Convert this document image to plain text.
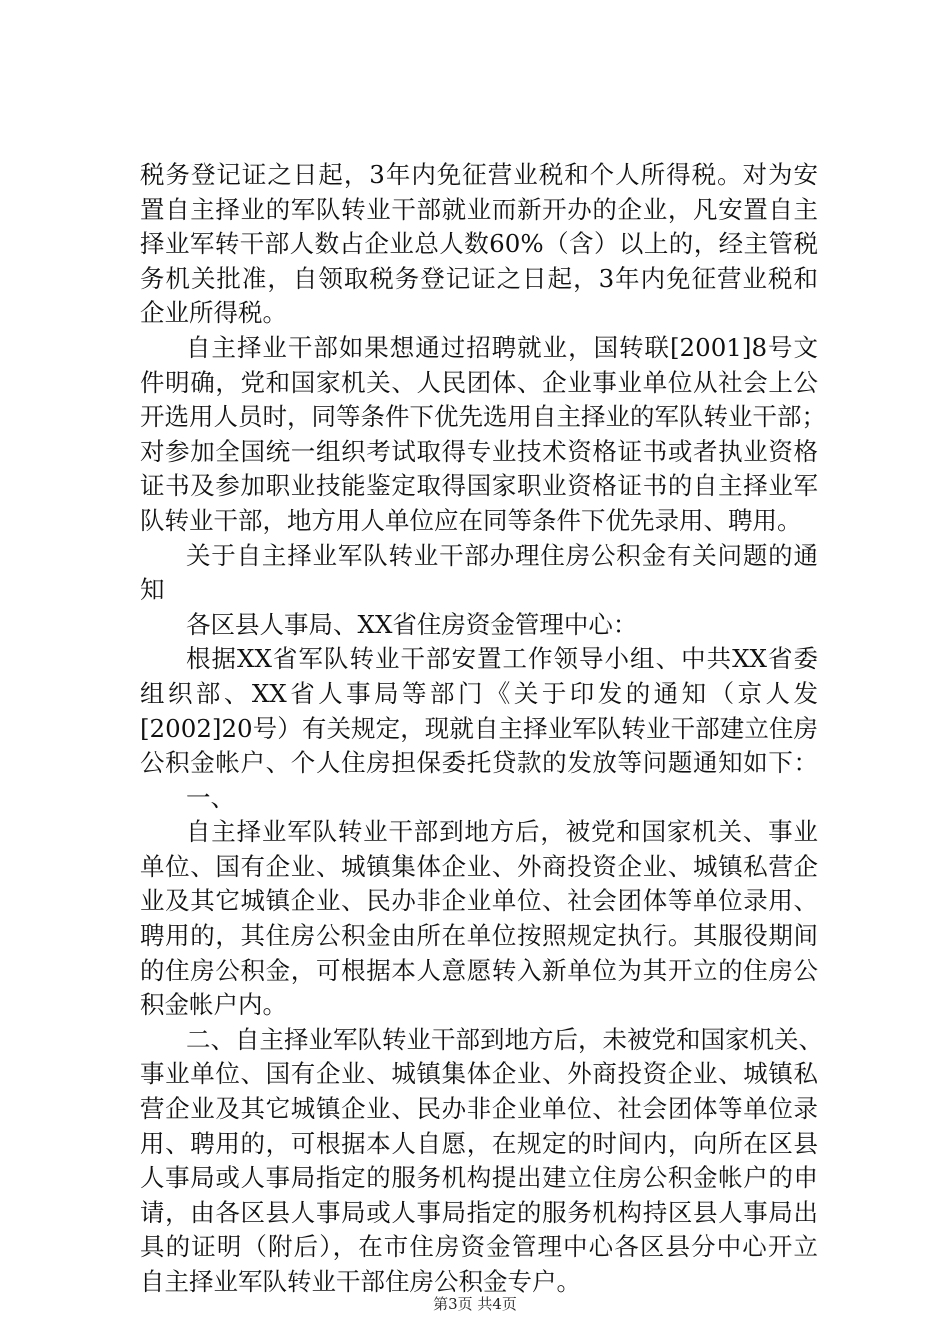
税务登记证之日起，3年内免征营业税和个人所得税。对为安
置自主择业的军队转业干部就业而新开办的企业，凡安置自主
择业军转干部人数占企业总人数60%（含）以上的，经主管税
务机关批准，自领取税务登记证之日起，3年内免征营业税和
企业所得税。
自主择业干部如果想通过招聘就业，国转联[2001]8号文
件明确，党和国家机关、人民团体、企业事业单位从社会上公
开选用人员时，同等条件下优先选用自主择业的军队转业干部；
对参加全国统一组织考试取得专业技术资格证书或者执业资格
证书及参加职业技能鉴定取得国家职业资格证书的自主择业军
队转业干部，地方用人单位应在同等条件下优先录用、聘用。
关于自主择业军队转业干部办理住房公积金有关问题的通
知
各区县人事局、XX省住房资金管理中心：
根据XX省军队转业干部安置工作领导小组、中共XX省委
组织部、XX省人事局等部门《关于印发的通知（京人发
[2002]20号）有关规定，现就自主择业军队转业干部建立住房
公积金帐户、个人住房担保委托贷款的发放等问题通知如下：
一、
自主择业军队转业干部到地方后，被党和国家机关、事业
单位、国有企业、城镇集体企业、外商投资企业、城镇私营企
业及其它城镇企业、民办非企业单位、社会团体等单位录用、
聘用的，其住房公积金由所在单位按照规定执行。其服役期间
的住房公积金，可根据本人意愿转入新单位为其开立的住房公
积金帐户内。
二、自主择业军队转业干部到地方后，未被党和国家机关、
事业单位、国有企业、城镇集体企业、外商投资企业、城镇私
营企业及其它城镇企业、民办非企业单位、社会团体等单位录
用、聘用的，可根据本人自愿，在规定的时间内，向所在区县
人事局或人事局指定的服务机构提出建立住房公积金帐户的申
请，由各区县人事局或人事局指定的服务机构持区县人事局出
具的证明（附后），在市住房资金管理中心各区县分中心开立
自主择业军队转业干部住房公积金专户。
第3页 共4页
